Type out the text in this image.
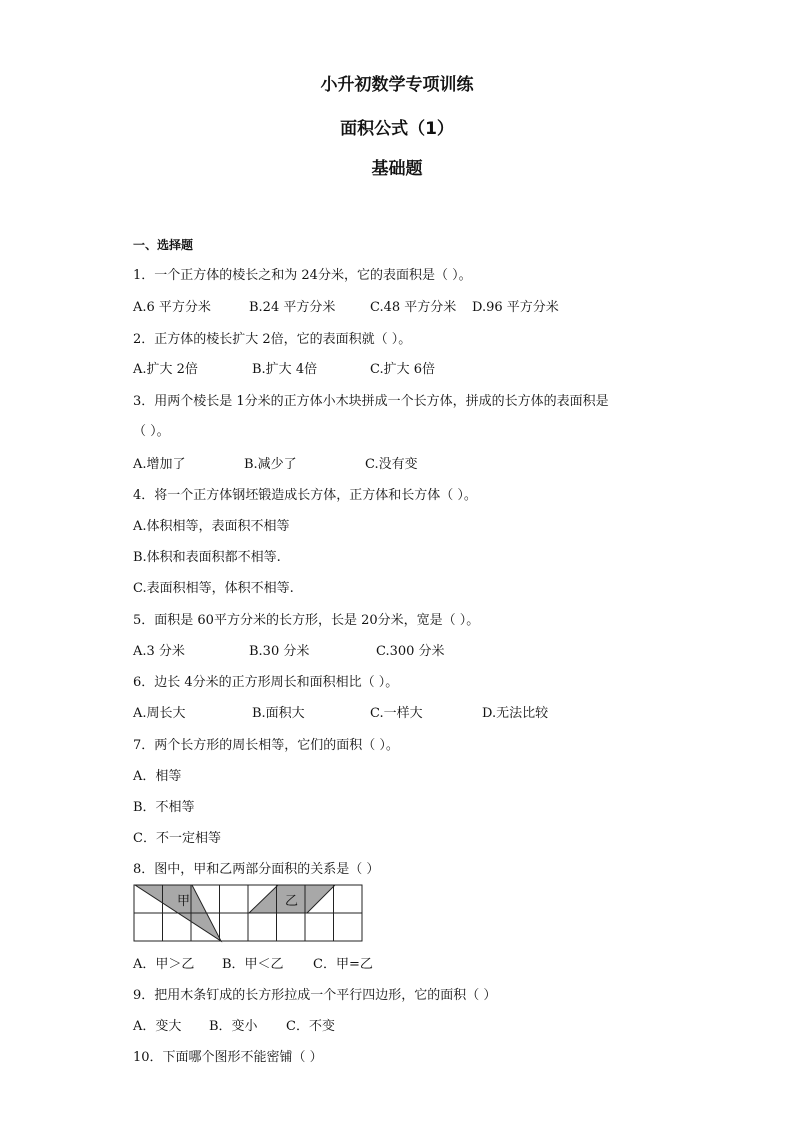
小升初数学专项训练
面积公式（1）
基础题
一、选择题
1．一个正方体的棱长之和为 24分米，它的表面积是（ ）。
A.6 平方分米	B.24 平方分米	C.48 平方分米 D.96 平方分米
2．正方体的棱长扩大 2倍，它的表面积就（ ）。
A.扩大 2倍	B.扩大 4倍	C.扩大 6倍
3．用两个棱长是 1分米的正方体小木块拼成一个长方体，拼成的长方体的表面积是
（ ）。
A.增加了	B.减少了	C.没有变
4．将一个正方体钢坯锻造成长方体，正方体和长方体（ ）。
A.体积相等，表面积不相等
B.体积和表面积都不相等.
C.表面积相等，体积不相等.
5．面积是 60平方分米的长方形，长是 20分米，宽是（ ）。
A.3 分米	B.30 分米	C.300 分米
6．边长 4分米的正方形周长和面积相比（ ）。
A.周长大	B.面积大	C.一样大	D.无法比较
7．两个长方形的周长相等，它们的面积（ ）。
A．相等
B．不相等
C．不一定相等
8．图中，甲和乙两部分面积的关系是（ ）
甲	乙
A．甲＞乙 B．甲＜乙 C．甲=乙
9．把用木条钉成的长方形拉成一个平行四边形，它的面积（ ）
A．变大 B．变小 C．不变
10．下面哪个图形不能密铺（ ）
